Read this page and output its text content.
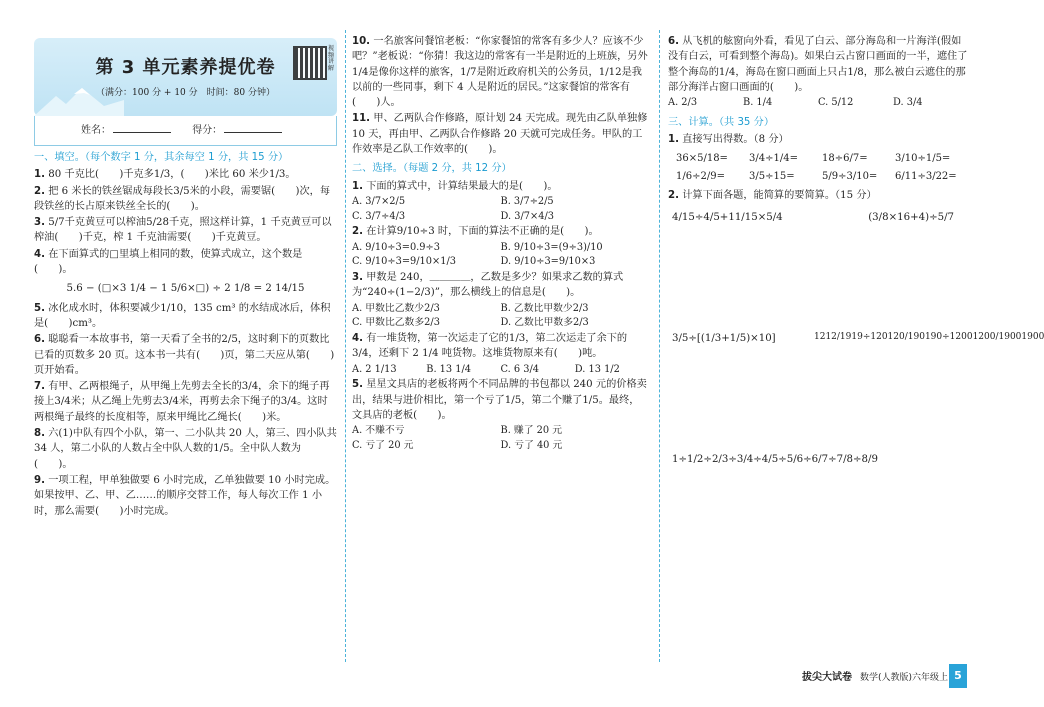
第 3 单元素养提优卷
（满分：100 分 + 10 分　时间：80 分钟）
视频讲解
姓名：	得分：
一、填空。（每个数字 1 分，其余每空 1 分，共 15 分）
1. 80 千克比(　　)千克多1/3，(　　)米比 60 米少1/3。
2. 把 6 米长的铁丝锯成每段长3/5米的小段，需要锯(　　)次，每段铁丝的长占原来铁丝全长的(　　)。
3. 5/7千克黄豆可以榨油5/28千克，照这样计算，1 千克黄豆可以榨油(　　)千克，榨 1 千克油需要(　　)千克黄豆。
4. 在下面算式的□里填上相同的数，使算式成立，这个数是(　　)。
5.6 − (□×3 1/4 − 1 5/6×□) ÷ 2 1/8 = 2 14/15
5. 冰化成水时，体积要减少1/10，135 cm³ 的水结成冰后，体积是(　　)cm³。
6. 聪聪看一本故事书，第一天看了全书的2/5，这时剩下的页数比已看的页数多 20 页。这本书一共有(　　)页，第二天应从第(　　)页开始看。
7. 有甲、乙两根绳子，从甲绳上先剪去全长的3/4，余下的绳子再接上3/4米；从乙绳上先剪去3/4米，再剪去余下绳子的3/4。这时两根绳子最终的长度相等，原来甲绳比乙绳长(　　)米。
8. 六(1)中队有四个小队，第一、二小队共 20 人，第三、四小队共 34 人，第二小队的人数占全中队人数的1/5。全中队人数为(　　)。
9. 一项工程，甲单独做要 6 小时完成，乙单独做要 10 小时完成。如果按甲、乙、甲、乙……的顺序交替工作，每人每次工作 1 小时，那么需要(　　)小时完成。
10. 一名旅客问餐馆老板：“你家餐馆的常客有多少人？应该不少吧？”老板说：“你猜！我这边的常客有一半是附近的上班族，另外1/4是像你这样的旅客，1/7是附近政府机关的公务员，1/12是我以前的一些同事，剩下 4 人是附近的居民。”这家餐馆的常客有(　　)人。
11. 甲、乙两队合作修路，原计划 24 天完成。现先由乙队单独修 10 天，再由甲、乙两队合作修路 20 天就可完成任务。甲队的工作效率是乙队工作效率的(　　)。
二、选择。（每题 2 分，共 12 分）
1. 下面的算式中，计算结果最大的是(　　)。
A. 3/7×2/5	B. 3/7÷2/5
C. 3/7÷4/3	D. 3/7×4/3
2. 在计算9/10÷3 时，下面的算法不正确的是(　　)。
A. 9/10÷3=0.9÷3	B. 9/10÷3=(9÷3)/10
C. 9/10÷3=9/10×1/3	D. 9/10÷3=9/10×3
3. 甲数是 240，＿＿＿＿，乙数是多少？如果求乙数的算式为“240÷(1−2/3)”，那么横线上的信息是(　　)。
A. 甲数比乙数少2/3	B. 乙数比甲数少2/3
C. 甲数比乙数多2/3	D. 乙数比甲数多2/3
4. 有一堆货物，第一次运走了它的1/3，第二次运走了余下的3/4，还剩下 2 1/4 吨货物。这堆货物原来有(　　)吨。
A. 2 1/13	B. 13 1/4	C. 6 3/4	D. 13 1/2
5. 星星文具店的老板将两个不同品牌的书包都以 240 元的价格卖出，结果与进价相比，第一个亏了1/5，第二个赚了1/5。最终，文具店的老板(　　)。
A. 不赚不亏	B. 赚了 20 元
C. 亏了 20 元	D. 亏了 40 元
6. 从飞机的舷窗向外看，看见了白云、部分海岛和一片海洋(假如没有白云，可看到整个海岛)。如果白云占窗口画面的一半，遮住了整个海岛的1/4，海岛在窗口画面上只占1/8，那么被白云遮住的那部分海洋占窗口画面的(　　)。
A. 2/3	B. 1/4	C. 5/12	D. 3/4
三、计算。（共 35 分）
1. 直接写出得数。（8 分）
36×5/18=	3/4÷1/4=	18÷6/7=	3/10÷1/5=
1/6÷2/9=	3/5÷15=	5/9÷3/10=	6/11÷3/22=
2. 计算下面各题，能简算的要简算。（15 分）
4/15÷4/5+11/15×5/4	(3/8×16+4)÷5/7
3/5÷[(1/3+1/5)×10]	1212/1919÷120120/190190÷12001200/19001900
1÷1/2÷2/3÷3/4÷4/5÷5/6÷6/7÷7/8÷8/9
拔尖大试卷 数学(人教版)六年级上 5
